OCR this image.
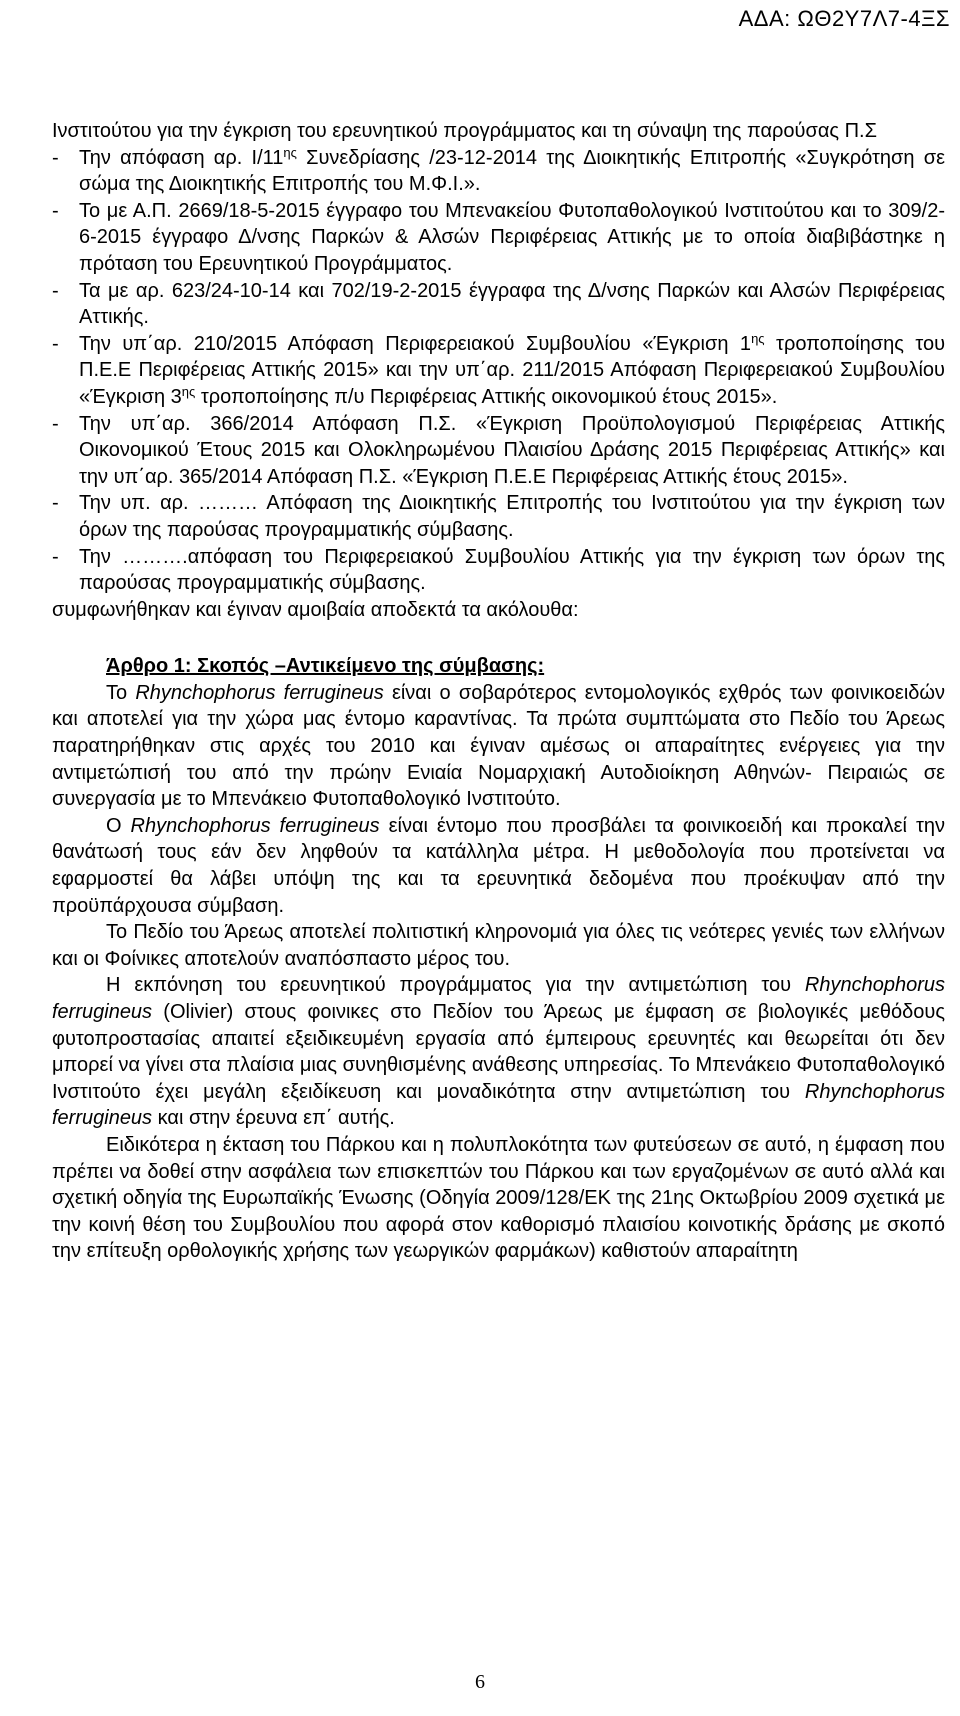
ΑΔΑ: ΩΘ2Υ7Λ7-4ΞΣ

Ινστιτούτου για την έγκριση του ερευνητικού προγράμματος και τη σύναψη της παρούσας Π.Σ

- Την απόφαση αρ. $I/11^{\eta\varsigma}$ Συνεδρίασης /23-12-2014 της Διοικητικής Επιτροπής «Συγκρότηση σε σώμα της Διοικητικής Επιτροπής του Μ.Φ.Ι.».

- Το με Α.Π. 2669/18-5-2015 έγγραφο του Μπενακείου Φυτοπαθολογικού Ινστιτούτου και το 309/2-6-2015 έγγραφο Δ/νσης Παρκών & Αλσών Περιφέρειας Αττικής με το οποία διαβιβάστηκε η πρόταση του Ερευνητικού Προγράμματος.

- Τα με αρ. 623/24-10-14 και 702/19-2-2015 έγγραφα της Δ/νσης Παρκών και Αλσών Περιφέρειας Αττικής.

- Την υπ΄αρ. 210/2015 Απόφαση Περιφερειακού Συμβουλίου «Έγκριση $1^{\eta\varsigma}$ τροποποίησης του Π.Ε.Ε Περιφέρειας Αττικής 2015» και την υπ΄αρ. 211/2015 Απόφαση Περιφερειακού Συμβουλίου «Έγκριση $3^{\eta\varsigma}$ τροποποίησης π/υ Περιφέρειας Αττικής οικονομικού έτους 2015».

- Την υπ΄αρ. 366/2014 Απόφαση Π.Σ. «Έγκριση Προϋπολογισμού Περιφέρειας Αττικής Οικονομικού Έτους 2015 και Ολοκληρωμένου Πλαισίου Δράσης 2015 Περιφέρειας Αττικής» και την υπ΄αρ. 365/2014 Απόφαση Π.Σ. «Έγκριση Π.Ε.Ε Περιφέρειας Αττικής έτους 2015».

- Την υπ. αρ. ……… Απόφαση της Διοικητικής Επιτροπής του Ινστιτούτου για την έγκριση των όρων της παρούσας προγραμματικής σύμβασης.

- Την ……….απόφαση του Περιφερειακού Συμβουλίου Αττικής για την έγκριση των όρων της παρούσας προγραμματικής σύμβασης.

συμφωνήθηκαν και έγιναν αμοιβαία αποδεκτά τα ακόλουθα:

Άρθρο 1: Σκοπός –Αντικείμενο της σύμβασης:

Το Rhynchophorus ferrugineus είναι ο σοβαρότερος εντομολογικός εχθρός των φοινικοειδών και αποτελεί για την χώρα μας έντομο καραντίνας. Τα πρώτα συμπτώματα στο Πεδίο του Άρεως παρατηρήθηκαν στις αρχές του 2010 και έγιναν αμέσως οι απαραίτητες ενέργειες για την αντιμετώπισή του από την πρώην Ενιαία Νομαρχιακή Αυτοδιοίκηση Αθηνών- Πειραιώς σε συνεργασία με το Μπενάκειο Φυτοπαθολογικό Ινστιτούτο.

Ο Rhynchophorus ferrugineus είναι έντομο που προσβάλει τα φοινικοειδή και προκαλεί την θανάτωσή τους εάν δεν ληφθούν τα κατάλληλα μέτρα. Η μεθοδολογία που προτείνεται να εφαρμοστεί θα λάβει υπόψη της και τα ερευνητικά δεδομένα που προέκυψαν από την προϋπάρχουσα σύμβαση.

Το Πεδίο του Άρεως αποτελεί πολιτιστική κληρονομιά για όλες τις νεότερες γενιές των ελλήνων και οι Φοίνικες αποτελούν αναπόσπαστο μέρος του.

Η εκπόνηση του ερευνητικού προγράμματος για την αντιμετώπιση του Rhynchophorus ferrugineus (Olivier) στους φοινικες στο Πεδίον του Άρεως με έμφαση σε βιολογικές μεθόδους φυτοπροστασίας απαιτεί εξειδικευμένη εργασία από έμπειρους ερευνητές και θεωρείται ότι δεν μπορεί να γίνει στα πλαίσια μιας συνηθισμένης ανάθεσης υπηρεσίας. Το Μπενάκειο Φυτοπαθολογικό Ινστιτούτο έχει μεγάλη εξειδίκευση και μοναδικότητα στην αντιμετώπιση του Rhynchophorus ferrugineus και στην έρευνα επ΄ αυτής.

Ειδικότερα η έκταση του Πάρκου και η πολυπλοκότητα των φυτεύσεων σε αυτό, η έμφαση που πρέπει να δοθεί στην ασφάλεια των επισκεπτών του Πάρκου και των εργαζομένων σε αυτό αλλά και σχετική οδηγία της Ευρωπαϊκής Ένωσης (Οδηγία 2009/128/ΕΚ της 21ης Οκτωβρίου 2009 σχετικά με την κοινή θέση του Συμβουλίου που αφορά στον καθορισμό πλαισίου κοινοτικής δράσης με σκοπό την επίτευξη ορθολογικής χρήσης των γεωργικών φαρμάκων) καθιστούν απαραίτητη

6
